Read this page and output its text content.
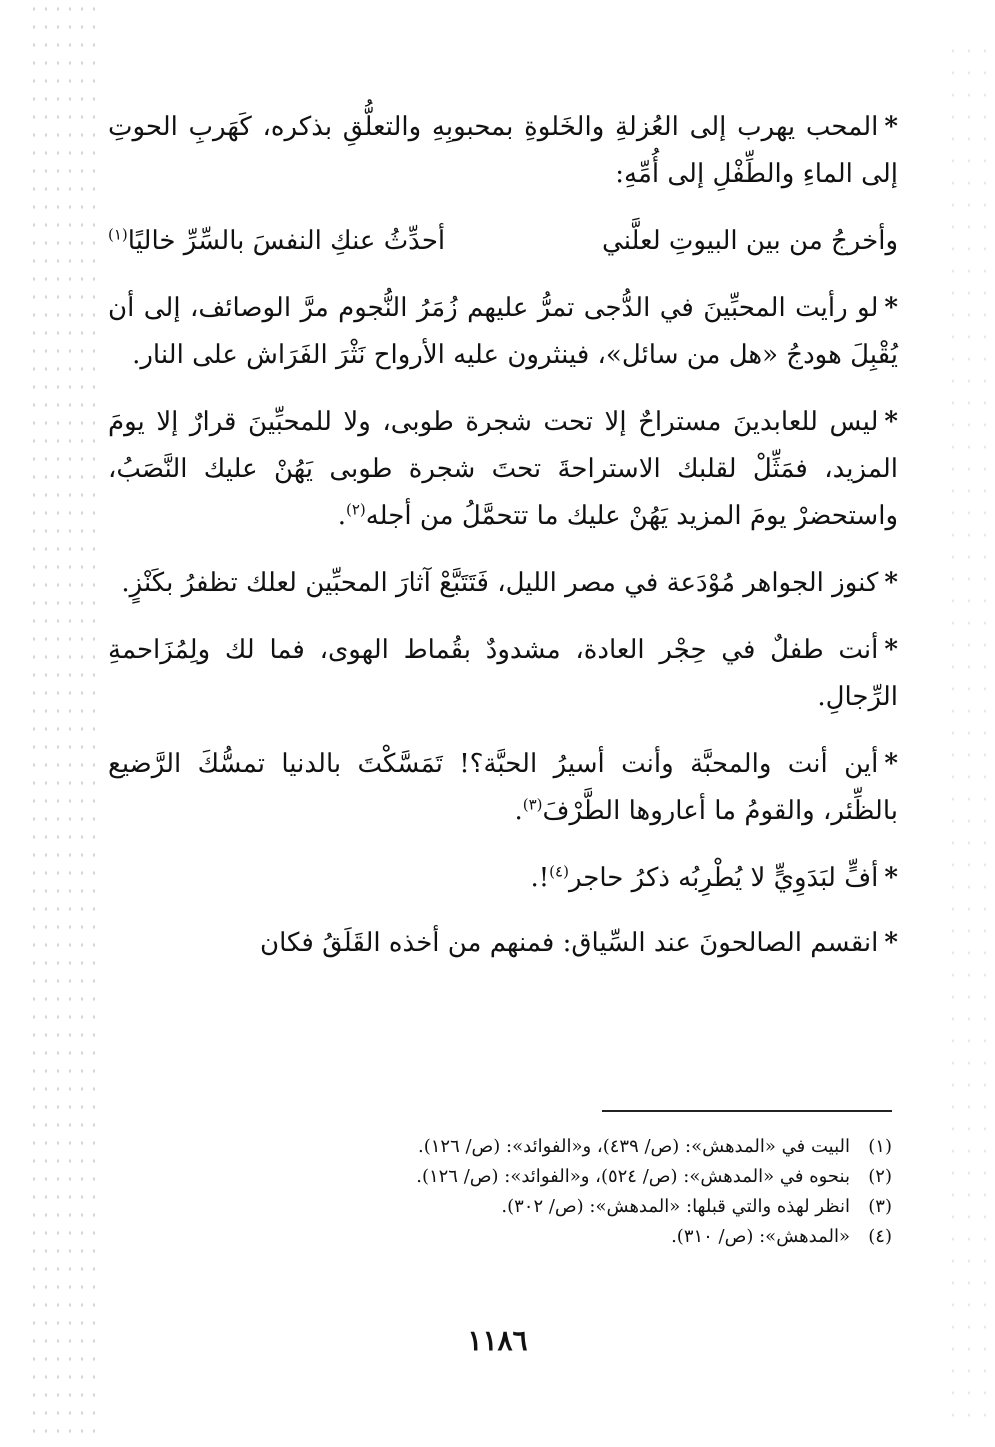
*المحب يهرب إلى العُزلةِ والخَلوةِ بمحبوبِهِ والتعلُّقِ بذكره، كَهَربِ الحوتِ إلى الماءِ والطِّفْلِ إلى أُمِّهِ:

وأخرجُ من بين البيوتِ لعلَّني
أحدِّثُ عنكِ النفسَ بالسِّرِّ خاليًا$^{(١)}$

*لو رأيت المحبِّينَ في الدُّجى تمرُّ عليهم زُمَرُ النُّجوم مرَّ الوصائف، إلى أن يُقْبِلَ هودجُ «هل من سائل»، فينثرون عليه الأرواح نَثْرَ الفَرَاش على النار.

*ليس للعابدينَ مستراحٌ إلا تحت شجرة طوبى، ولا للمحبِّينَ قرارٌ إلا يومَ المزيد، فمَثِّلْ لقلبك الاستراحةَ تحتَ شجرة طوبى يَهُنْ عليك النَّصَبُ، واستحضرْ يومَ المزيد يَهُنْ عليك ما تتحمَّلُ من أجله$^{(٢)}$.

*كنوز الجواهر مُوْدَعة في مصر الليل، فَتَتَبَّعْ آثارَ المحبِّين لعلك تظفرُ بكَنْزٍ.

*أنت طفلٌ في حِجْر العادة، مشدودٌ بقُماط الهوى، فما لك ولِمُزَاحمةِ الرِّجالِ.

*أين أنت والمحبَّة وأنت أسيرُ الحبَّة؟! تَمَسَّكْتَ بالدنيا تمسُّكَ الرَّضيع بالظِّئر، والقومُ ما أعاروها الطَّرْفَ$^{(٣)}$.

*أفٍّ لبَدَوِيٍّ لا يُطْرِبُه ذكرُ حاجر$^{(٤)}$!.

*انقسم الصالحونَ عند السِّياق: فمنهم من أخذه القَلَقُ فكان

(١)
البيت في «المدهش»: (ص/ ٤٣٩)، و«الفوائد»: (ص/ ١٢٦).
(٢)
بنحوه في «المدهش»: (ص/ ٥٢٤)، و«الفوائد»: (ص/ ١٢٦).
(٣)
انظر لهذه والتي قبلها: «المدهش»: (ص/ ٣٠٢).
(٤)
«المدهش»: (ص/ ٣١٠).
١١٨٦
